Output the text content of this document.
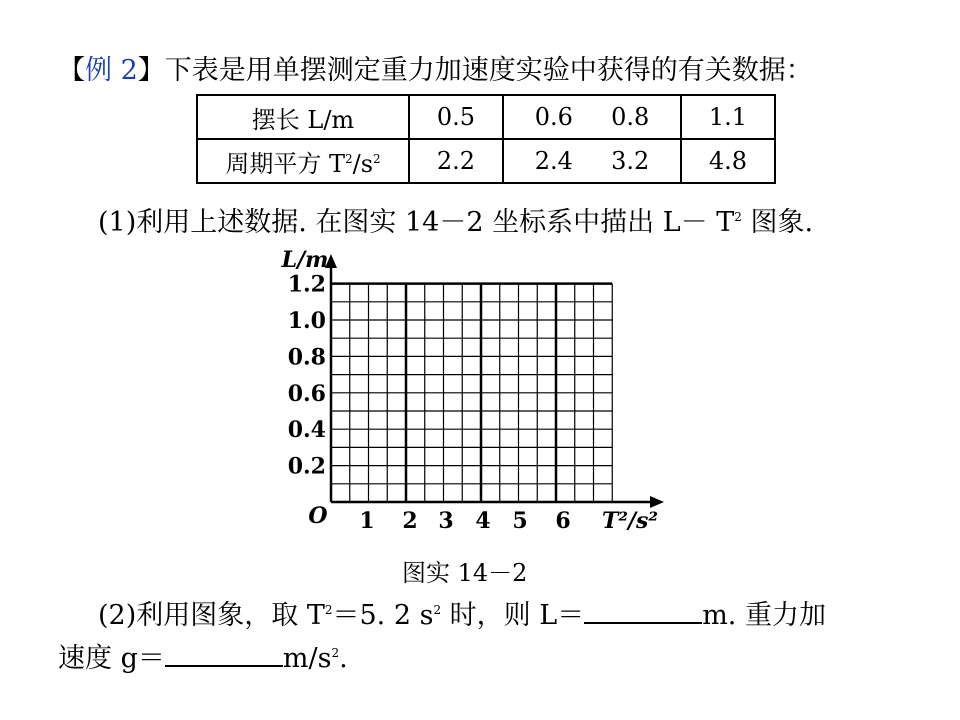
【例 2】下表是用单摆测定重力加速度实验中获得的有关数据：
摆长 L/m	0.5	0.6 0.8	1.1
周期平方 $T^2/s^2$	2.2	2.4 3.2	4.8
(1)利用上述数据. 在图实 14－2 坐标系中描出 $L- T^2$ 图象.
0.2
0.4
0.6
0.8
1.0
1.2
1 2 3 4 5 6
O
L/m
T²/s²
图实 14－2
(2)利用图象，取 $T^2=5$. 2 $s^2$ 时，则 L＝	m. 重力加
速度 g＝	$m/s^2$.
